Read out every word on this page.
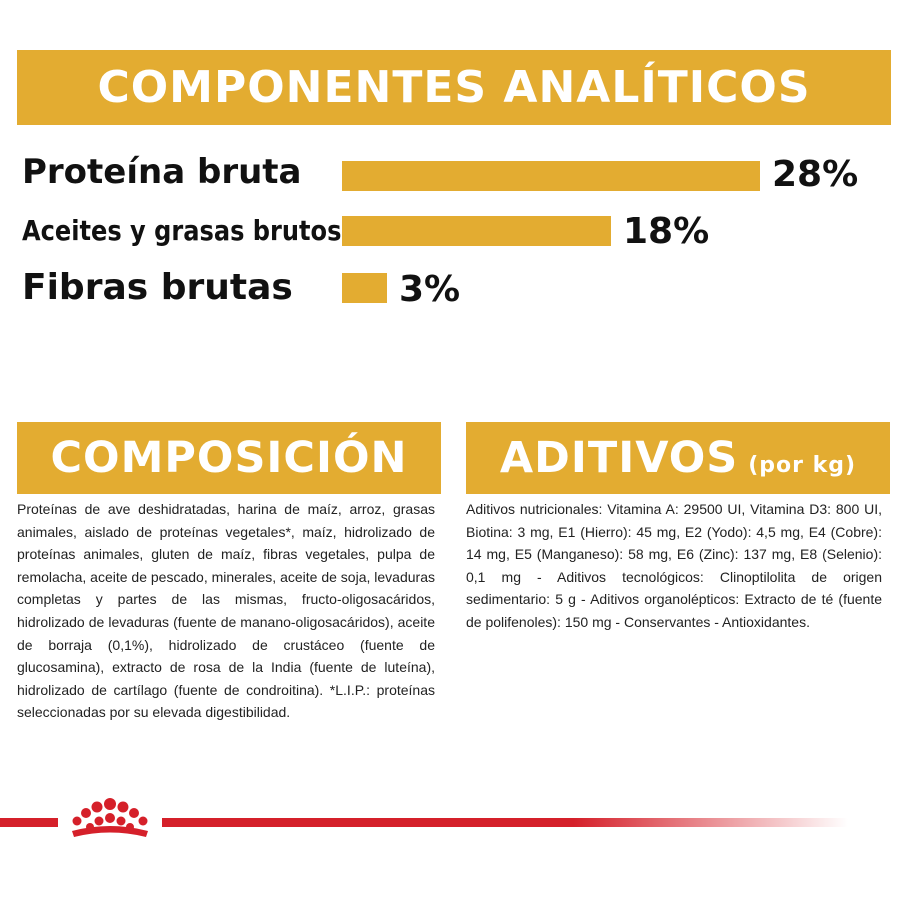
COMPONENTES ANALÍTICOS
Proteína bruta	28%
Aceites y grasas brutos	18%
Fibras brutas	3%
COMPOSICIÓN ADITIVOS (por kg)
Proteínas de ave deshidratadas, harina de maíz, arroz, grasas animales, aislado de proteínas vegetales*, maíz, hidrolizado de proteínas animales, gluten de maíz, fibras vegetales, pulpa de remolacha, aceite de pescado, minerales, aceite de soja, levaduras completas y partes de las mismas, fructo-oligosacáridos, hidrolizado de levaduras (fuente de manano-oligosacáridos), aceite de borraja (0,1%), hidrolizado de crustáceo (fuente de glucosamina), extracto de rosa de la India (fuente de luteína), hidrolizado de cartílago (fuente de condroitina). *L.I.P.: proteínas seleccionadas por su elevada digestibilidad.
Aditivos nutricionales: Vitamina A: 29500 UI, Vitamina D3: 800 UI, Biotina: 3 mg, E1 (Hierro): 45 mg, E2 (Yodo): 4,5 mg, E4 (Cobre): 14 mg, E5 (Manganeso): 58 mg, E6 (Zinc): 137 mg, E8 (Selenio): 0,1 mg - Aditivos tecnológicos: Clinoptilolita de origen sedimentario: 5 g - Aditivos organolépticos: Extracto de té (fuente de polifenoles): 150 mg - Conservantes - Antioxidantes.
